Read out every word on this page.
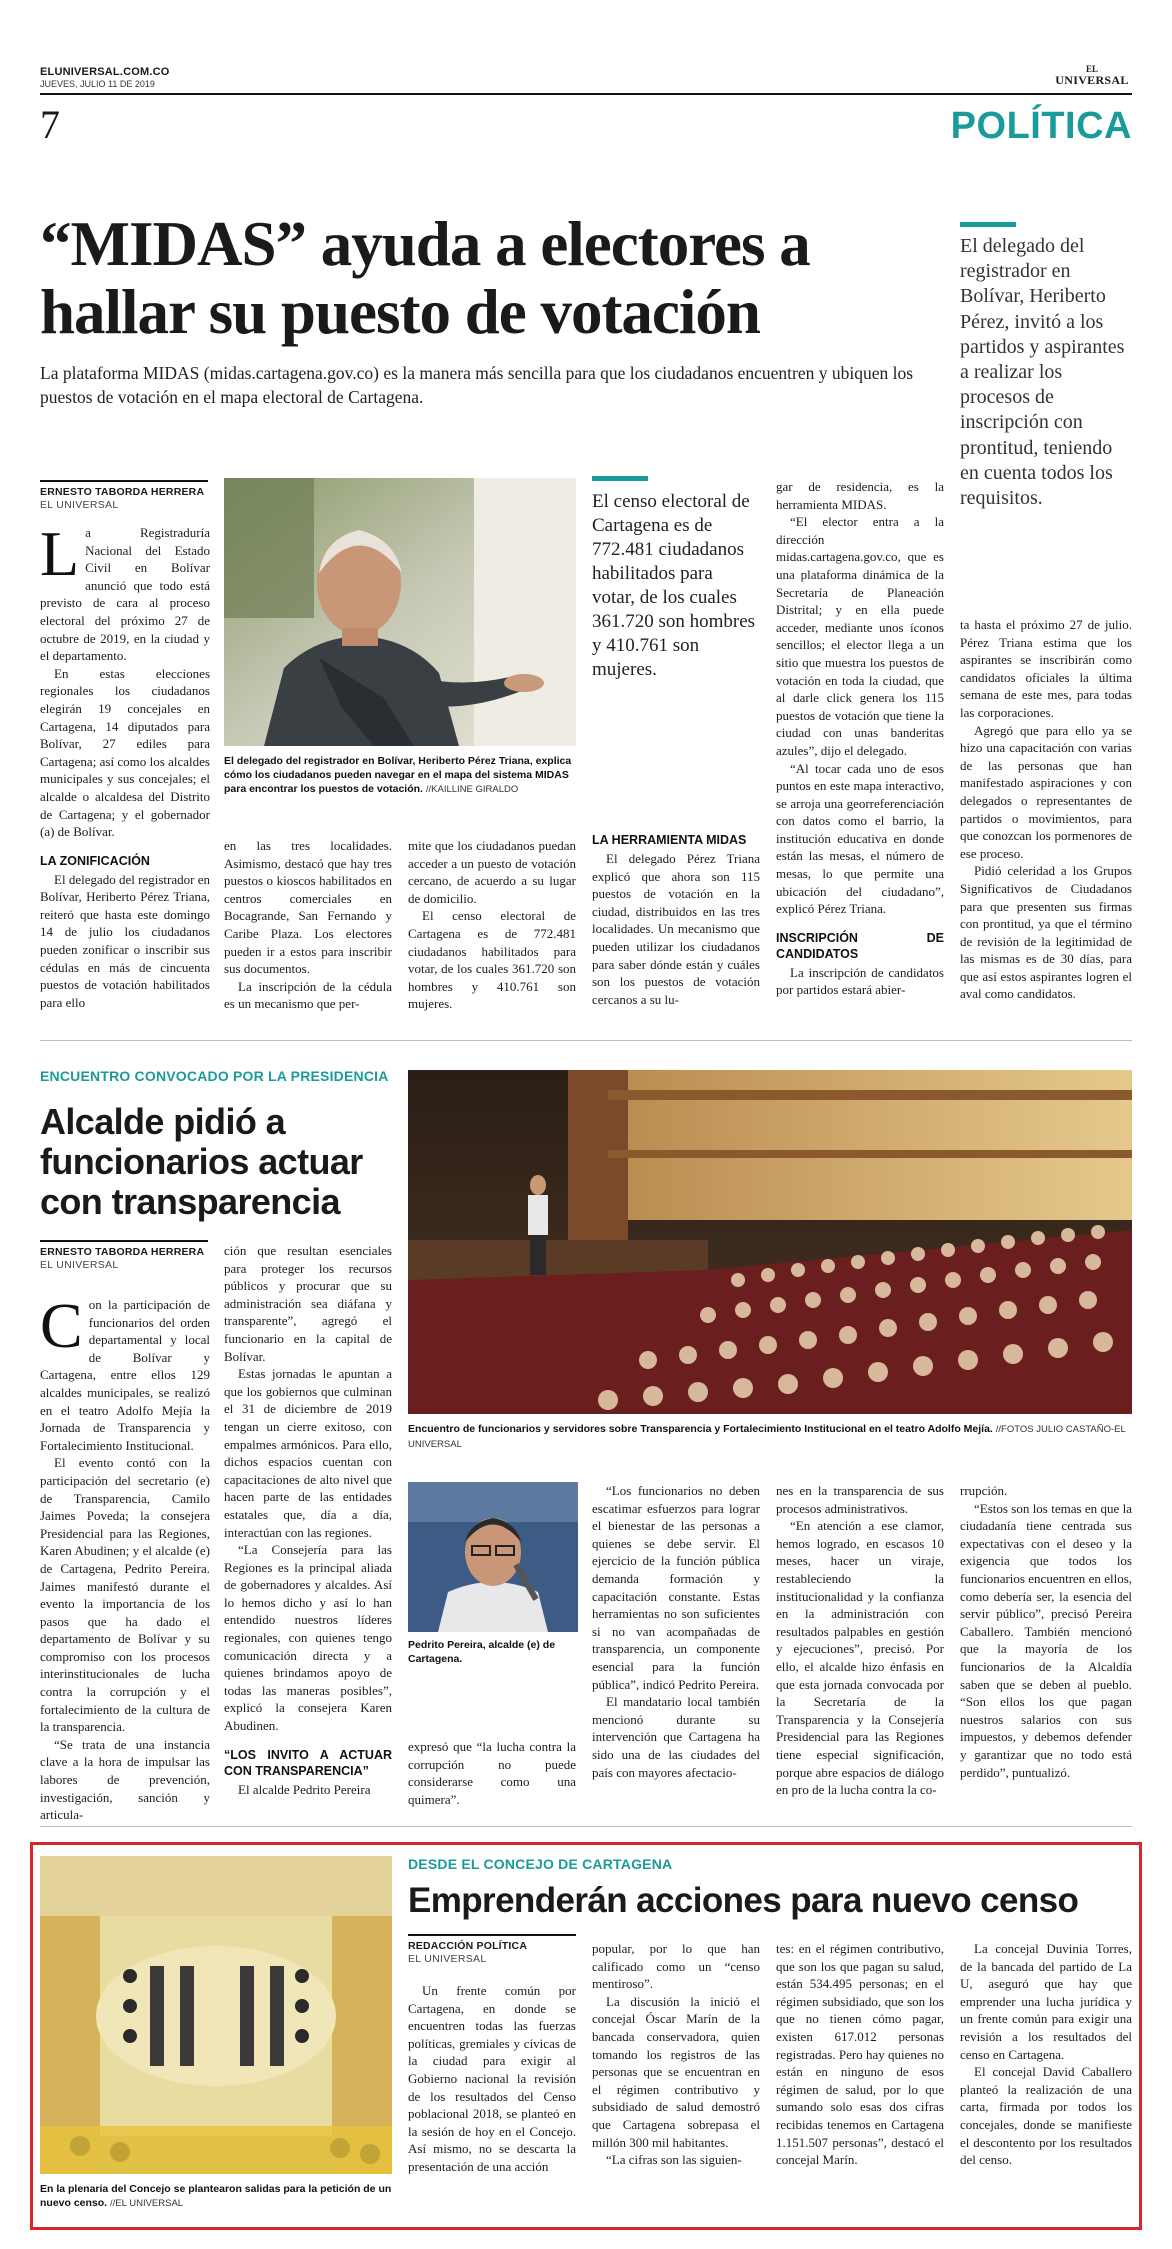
ELUNIVERSAL.COM.CO
JUEVES, JULIO 11 DE 2019
EL
UNIVERSAL
7	POLÍTICA
“MIDAS” ayuda a electores a
hallar su puesto de votación
La plataforma MIDAS (midas.cartagena.gov.co) es la manera más sencilla para que los ciudadanos encuentren y ubiquen los puestos de votación en el mapa electoral de Cartagena.
El delegado del registrador en Bolívar, Heriberto Pérez, invitó a los partidos y aspirantes a realizar los procesos de inscripción con prontitud, teniendo en cuenta todos los requisitos.
ERNESTO TABORDA HERRERA
EL UNIVERSAL
L a Registraduría Nacional del Estado Civil en Bolívar anunció que todo está previsto de cara al proceso electoral del próximo 27 de octubre de 2019, en la ciudad y el departamento.

En estas elecciones regionales los ciudadanos elegirán 19 concejales en Cartagena, 14 diputados para Bolívar, 27 ediles para Cartagena; así como los alcaldes municipales y sus concejales; el alcalde o alcaldesa del Distrito de Cartagena; y el gobernador (a) de Bolívar.

LA ZONIFICACIÓN

El delegado del registrador en Bolívar, Heriberto Pérez Triana, reiteró que hasta este domingo 14 de julio los ciudadanos pueden zonificar o inscribir sus cédulas en más de cincuenta puestos de votación habilitados para ello

El delegado del registrador en Bolívar, Heriberto Pérez Triana, explica cómo los ciudadanos pueden navegar en el mapa del sistema MIDAS para encontrar los puestos de votación. //KAILLINE GIRALDO

en las tres localidades. Asimismo, destacó que hay tres puestos o kioscos habilitados en centros comerciales en Bocagrande, San Fernando y Caribe Plaza. Los electores pueden ir a estos para inscribir sus documentos.

La inscripción de la cédula es un mecanismo que per-

mite que los ciudadanos puedan acceder a un puesto de votación cercano, de acuerdo a su lugar de domicilio.

El censo electoral de Cartagena es de 772.481 ciudadanos habilitados para votar, de los cuales 361.720 son hombres y 410.761 son mujeres.

El censo electoral de Cartagena es de 772.481 ciudadanos habilitados para votar, de los cuales 361.720 son hombres y 410.761 son mujeres.
LA HERRAMIENTA MIDAS

El delegado Pérez Triana explicó que ahora son 115 puestos de votación en la ciudad, distribuidos en las tres localidades. Un mecanismo que pueden utilizar los ciudadanos para saber dónde están y cuáles son los puestos de votación cercanos a su lu-

gar de residencia, es la herramienta MIDAS.

“El elector entra a la dirección midas.cartagena.gov.co, que es una plataforma dinámica de la Secretaría de Planeación Distrital; y en ella puede acceder, mediante unos íconos sencillos; el elector llega a un sitio que muestra los puestos de votación en toda la ciudad, que al darle click genera los 115 puestos de votación que tiene la ciudad con unas banderitas azules”, dijo el delegado.

“Al tocar cada uno de esos puntos en este mapa interactivo, se arroja una georreferenciación con datos como el barrio, la institución educativa en donde están las mesas, el número de mesas, lo que permite una ubicación del ciudadano”, explicó Pérez Triana.

INSCRIPCIÓN DE CANDIDATOS

La inscripción de candidatos por partidos estará abier-

ta hasta el próximo 27 de julio. Pérez Triana estima que los aspirantes se inscribirán como candidatos oficiales la última semana de este mes, para todas las corporaciones.

Agregó que para ello ya se hizo una capacitación con varias de las personas que han manifestado aspiraciones y con delegados o representantes de partidos o movimientos, para que conozcan los pormenores de ese proceso.

Pidió celeridad a los Grupos Significativos de Ciudadanos para que presenten sus firmas con prontitud, ya que el término de revisión de la legitimidad de las mismas es de 30 días, para que así estos aspirantes logren el aval como candidatos.

ENCUENTRO CONVOCADO POR LA PRESIDENCIA
Alcalde pidió a
funcionarios actuar
con transparencia
ERNESTO TABORDA HERRERA
EL UNIVERSAL
C on la participación de funcionarios del orden departamental y local de Bolívar y Cartagena, entre ellos 129 alcaldes municipales, se realizó en el teatro Adolfo Mejía la Jornada de Transparencia y Fortalecimiento Institucional.

El evento contó con la participación del secretario (e) de Transparencia, Camilo Jaimes Poveda; la consejera Presidencial para las Regiones, Karen Abudinen; y el alcalde (e) de Cartagena, Pedrito Pereira. Jaimes manifestó durante el evento la importancia de los pasos que ha dado el departamento de Bolívar y su compromiso con los procesos interinstitucionales de lucha contra la corrupción y el fortalecimiento de la cultura de la transparencia.

“Se trata de una instancia clave a la hora de impulsar las labores de prevención, investigación, sanción y articula-

ción que resultan esenciales para proteger los recursos públicos y procurar que su administración sea diáfana y transparente”, agregó el funcionario en la capital de Bolívar.

Estas jornadas le apuntan a que los gobiernos que culminan el 31 de diciembre de 2019 tengan un cierre exitoso, con empalmes armónicos. Para ello, dichos espacios cuentan con capacitaciones de alto nivel que hacen parte de las entidades estatales que, día a día, interactúan con las regiones.

“La Consejería para las Regiones es la principal aliada de gobernadores y alcaldes. Así lo hemos dicho y así lo han entendido nuestros líderes regionales, con quienes tengo comunicación directa y a quienes brindamos apoyo de todas las maneras posibles”, explicó la consejera Karen Abudinen.

“LOS INVITO A ACTUAR CON TRANSPARENCIA”

El alcalde Pedrito Pereira

Encuentro de funcionarios y servidores sobre Transparencia y Fortalecimiento Institucional en el teatro Adolfo Mejía. //FOTOS JULIO CASTAÑO-EL UNIVERSAL
Pedrito Pereira, alcalde (e) de Cartagena.

expresó que “la lucha contra la corrupción no puede considerarse como una quimera”.

“Los funcionarios no deben escatimar esfuerzos para lograr el bienestar de las personas a quienes se debe servir. El ejercicio de la función pública demanda formación y capacitación constante. Estas herramientas no son suficientes si no van acompañadas de transparencia, un componente esencial para la función pública”, indicó Pedrito Pereira.

El mandatario local también mencionó durante su intervención que Cartagena ha sido una de las ciudades del país con mayores afectacio-

nes en la transparencia de sus procesos administrativos.

“En atención a ese clamor, hemos logrado, en escasos 10 meses, hacer un viraje, restableciendo la institucionalidad y la confianza en la administración con resultados palpables en gestión y ejecuciones”, precisó. Por ello, el alcalde hizo énfasis en que esta jornada convocada por la Secretaría de la Transparencia y la Consejería Presidencial para las Regiones tiene especial significación, porque abre espacios de diálogo en pro de la lucha contra la co-

rrupción.

“Estos son los temas en que la ciudadanía tiene centrada sus expectativas con el deseo y la exigencia que todos los funcionarios encuentren en ellos, como debería ser, la esencia del servir público”, precisó Pereira Caballero. También mencionó que la mayoría de los funcionarios de la Alcaldía saben que se deben al pueblo. “Son ellos los que pagan nuestros salarios con sus impuestos, y debemos defender y garantizar que no todo está perdido”, puntualizó.

En la plenaria del Concejo se plantearon salidas para la petición de un nuevo censo. //EL UNIVERSAL
DESDE EL CONCEJO DE CARTAGENA
Emprenderán acciones para nuevo censo
REDACCIÓN POLÍTICA
EL UNIVERSAL

Un frente común por Cartagena, en donde se encuentren todas las fuerzas políticas, gremiales y cívicas de la ciudad para exigir al Gobierno nacional la revisión de los resultados del Censo poblacional 2018, se planteó en la sesión de hoy en el Concejo. Así mismo, no se descarta la presentación de una acción

popular, por lo que han calificado como un “censo mentiroso”.

La discusión la inició el concejal Óscar Marín de la bancada conservadora, quien tomando los registros de las personas que se encuentran en el régimen contributivo y subsidiado de salud demostró que Cartagena sobrepasa el millón 300 mil habitantes.

“La cifras son las siguien-

tes: en el régimen contributivo, que son los que pagan su salud, están 534.495 personas; en el régimen subsidiado, que son los que no tienen cómo pagar, existen 617.012 personas registradas. Pero hay quienes no están en ninguno de esos régimen de salud, por lo que sumando solo esas dos cifras recibidas tenemos en Cartagena 1.151.507 personas”, destacó el concejal Marín.

La concejal Duvinia Torres, de la bancada del partido de La U, aseguró que hay que emprender una lucha jurídica y un frente común para exigir una revisión a los resultados del censo en Cartagena.

El concejal David Caballero planteó la realización de una carta, firmada por todos los concejales, donde se manifieste el descontento por los resultados del censo.
